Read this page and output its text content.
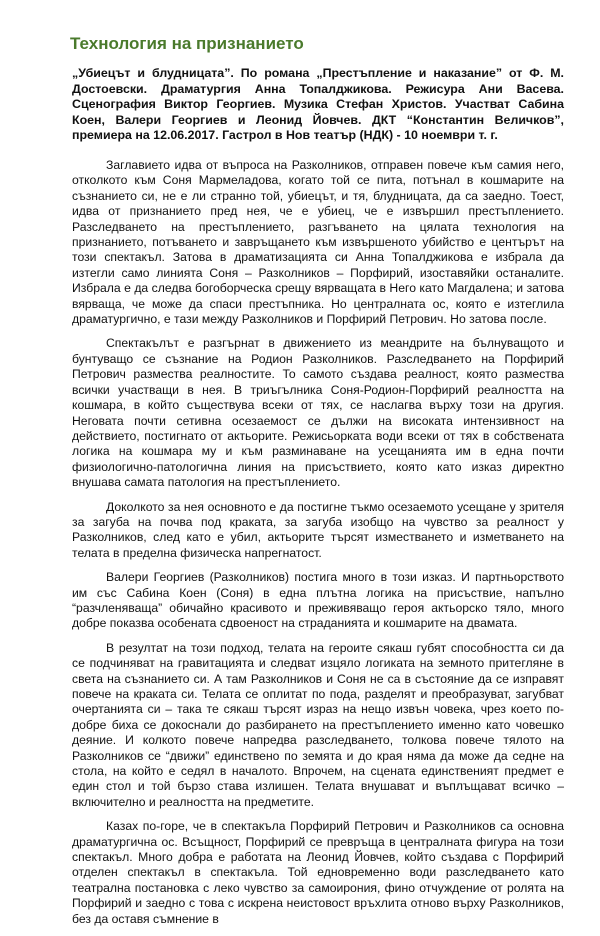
Технология на признанието

„Убиецът и блудницата”. По романа „Престъпление и наказание” от Ф. М. Достоевски. Драматургия Анна Топалджикова. Режисура Ани Васева. Сценография Виктор Георгиев. Музика Стефан Христов. Участват Сабина Коен, Валери Георгиев и Леонид Йовчев. ДКТ “Константин Величков”, премиера на 12.06.2017. Гастрол в Нов театър (НДК) - 10 ноември т. г.

Заглавието идва от въпроса на Разколников, отправен повече към самия него, отколкото към Соня Мармеладова, когато той се пита, потънал в кошмарите на съзнанието си, не е ли странно той, убиецът, и тя, блудницата, да са заедно. Тоест, идва от признанието пред нея, че е убиец, че е извършил престъплението. Разследването на престъплението, разгъването на цялата технология на признанието, потъването и завръщането към извършеното убийство е центърът на този спектакъл. Затова в драматизацията си Анна Топалджикова е избрала да изтегли само линията Соня – Разколников – Порфирий, изоставяйки останалите. Избрала е да следва богоборческа срещу вярващата в Него като Магдалена; и затова вярваща, че може да спаси престъпника. Но централната ос, която е изтеглила драматургично, е тази между Разколников и Порфирий Петрович. Но затова после.

Спектакълът е разгърнат в движението из меандрите на бълнуващото и бунтуващо се съзнание на Родион Разколников. Разследването на Порфирий Петрович размества реалностите. То самото създава реалност, която размества всички участващи в нея. В триъгълника Соня-Родион-Порфирий реалността на кошмара, в който съществува всеки от тях, се наслагва върху този на другия. Неговата почти сетивна осезаемост се дължи на високата интензивност на действието, постигнато от актьорите. Режисьорката води всеки от тях в собствената логика на кошмара му и към разминаване на усещанията им в една почти физиологично-патологична линия на присъствието, която като изказ директно внушава самата патология на престъплението.

Доколкото за нея основното е да постигне тъкмо осезаемото усещане у зрителя за загуба на почва под краката, за загуба изобщо на чувство за реалност у Разколников, след като е убил, актьорите търсят изместването и изметването на телата в пределна физическа напрегнатост.

Валери Георгиев (Разколников) постига много в този изказ. И партньорството им със Сабина Коен (Соня) в една плътна логика на присъствие, напълно “разчленяваща” обичайно красивото и преживяващо героя актьорско тяло, много добре показва особената сдвоеност на страданията и кошмарите на двамата.

В резултат на този подход, телата на героите сякаш губят способността си да се подчиняват на гравитацията и следват изцяло логиката на земното притегляне в света на съзнанието си. А там Разколников и Соня не са в състояние да се изправят повече на краката си. Телата се оплитат по пода, разделят и преобразуват, загубват очертанията си – така те сякаш търсят израз на нещо извън човека, чрез което по-добре биха се докоснали до разбирането на престъплението именно като човешко деяние. И колкото повече напредва разследването, толкова повече тялото на Разколников се “движи” единствено по земята и до края няма да може да седне на стола, на който е седял в началото. Впрочем, на сцената единственият предмет е един стол и той бързо става излишен. Телата внушават и въплъщават всичко – включително и реалността на предметите.

Казах по-горе, че в спектакъла Порфирий Петрович и Разколников са основна драматургична ос. Всъщност, Порфирий се превръща в централната фигура на този спектакъл. Много добра е работата на Леонид Йовчев, който създава с Порфирий отделен спектакъл в спектакъла. Той едновременно води разследването като театрална постановка с леко чувство за самоирония, фино отчуждение от ролята на Порфирий и заедно с това с искрена неистовост връхлита отново върху Разколников, без да оставя съмнение в
